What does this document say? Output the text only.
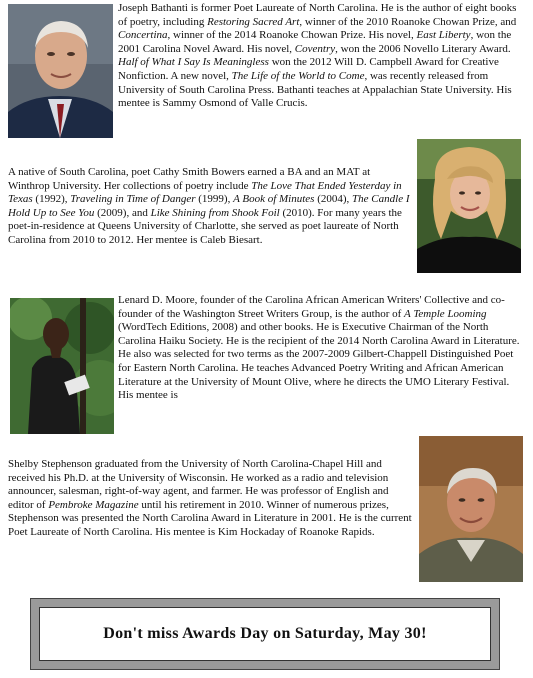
Joseph Bathanti is former Poet Laureate of North Carolina. He is the author of eight books of poetry, including Restoring Sacred Art, winner of the 2010 Roanoke Chowan Prize, and Concertina, winner of the 2014 Roanoke Chowan Prize. His novel, East Liberty, won the 2001 Carolina Novel Award. His novel, Coventry, won the 2006 Novello Literary Award. Half of What I Say Is Meaningless won the 2012 Will D. Campbell Award for Creative Nonfiction. A new novel, The Life of the World to Come, was recently released from University of South Carolina Press. Bathanti teaches at Appalachian State University. His mentee is Sammy Osmond of Valle Crucis.
A native of South Carolina, poet Cathy Smith Bowers earned a BA and an MAT at Winthrop University. Her collections of poetry include The Love That Ended Yesterday in Texas (1992), Traveling in Time of Danger (1999), A Book of Minutes (2004), The Candle I Hold Up to See You (2009), and Like Shining from Shook Foil (2010). For many years the poet-in-residence at Queens University of Charlotte, she served as poet laureate of North Carolina from 2010 to 2012. Her mentee is Caleb Biesart.
Lenard D. Moore, founder of the Carolina African American Writers' Collective and co-founder of the Washington Street Writers Group, is the author of A Temple Looming (WordTech Editions, 2008) and other books. He is Executive Chairman of the North Carolina Haiku Society. He is the recipient of the 2014 North Carolina Award in Literature. He also was selected for two terms as the 2007-2009 Gilbert-Chappell Distinguished Poet for Eastern North Carolina. He teaches Advanced Poetry Writing and African American Literature at the University of Mount Olive, where he directs the UMO Literary Festival. His mentee is
Shelby Stephenson graduated from the University of North Carolina-Chapel Hill and received his Ph.D. at the University of Wisconsin. He worked as a radio and television announcer, salesman, right-of-way agent, and farmer. He was professor of English and editor of Pembroke Magazine until his retirement in 2010. Winner of numerous prizes, Stephenson was presented the North Carolina Award in Literature in 2001. He is the current Poet Laureate of North Carolina. His mentee is Kim Hockaday of Roanoke Rapids.
Don't miss Awards Day on Saturday, May 30!
